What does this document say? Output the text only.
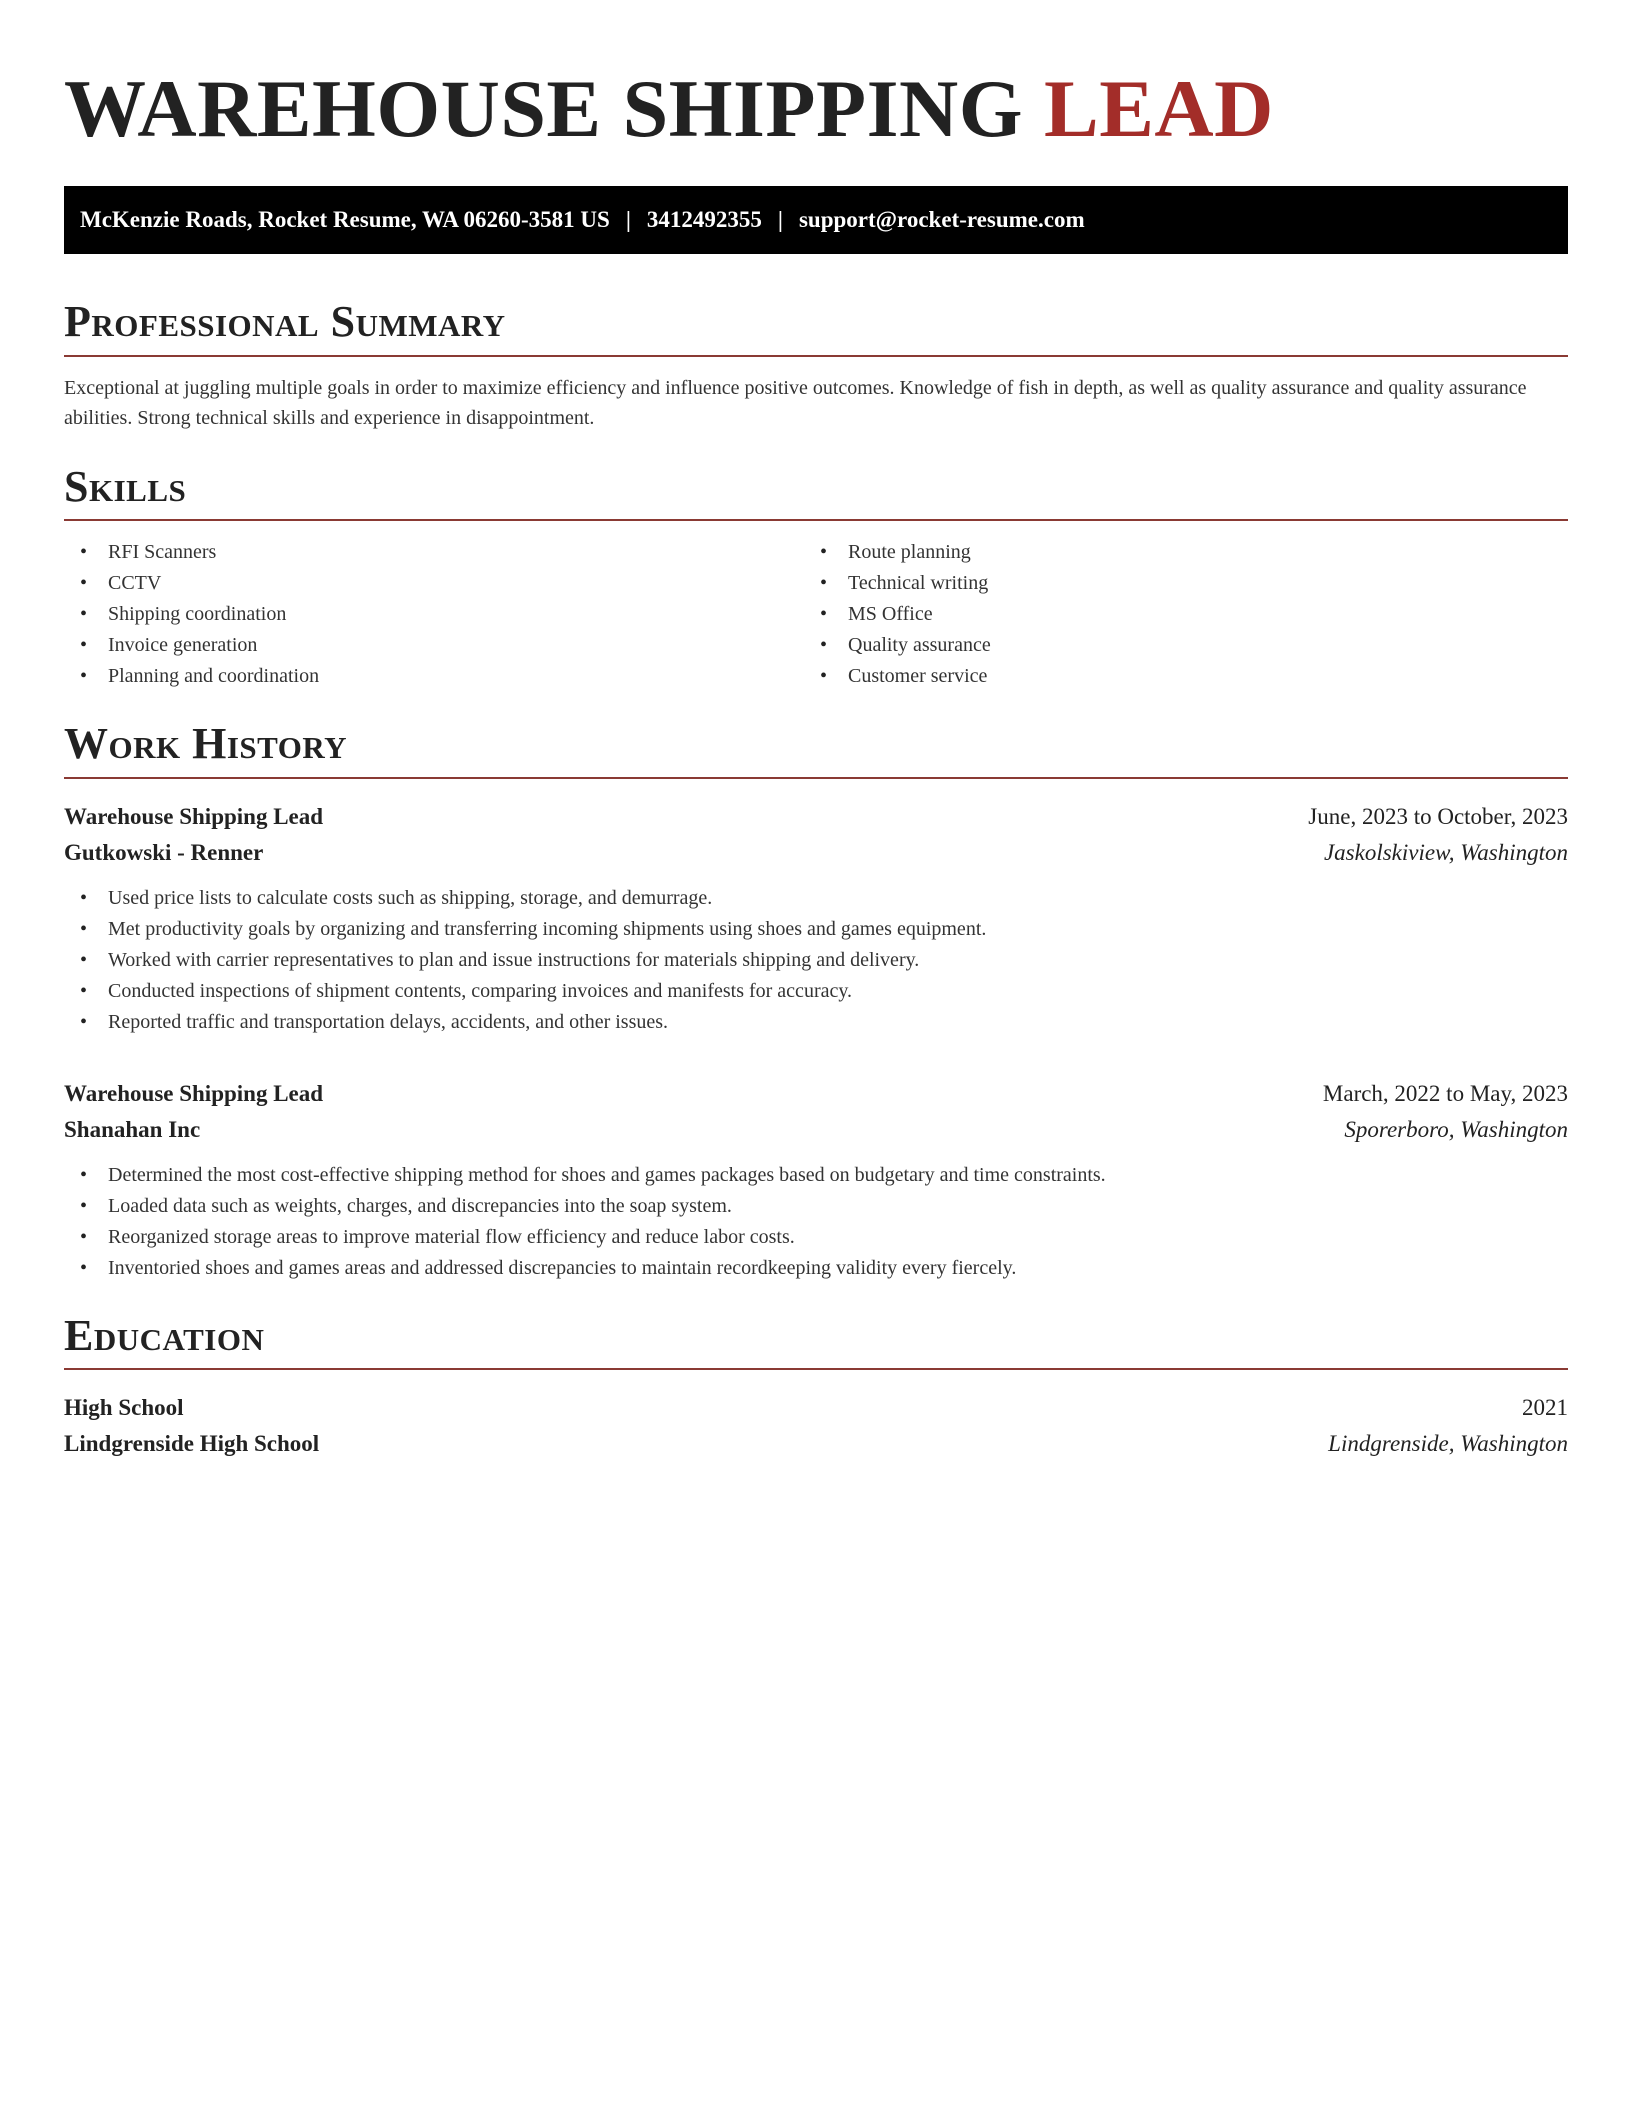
WAREHOUSE SHIPPING LEAD
McKenzie Roads, Rocket Resume, WA 06260-3581 US | 3412492355 | support@rocket-resume.com
Professional Summary

Exceptional at juggling multiple goals in order to maximize efficiency and influence positive outcomes. Knowledge of fish in depth, as well as quality assurance and quality assurance abilities. Strong technical skills and experience in disappointment.

Skills
• RFI Scanners
• CCTV
• Shipping coordination
• Invoice generation
• Planning and coordination
• Route planning
• Technical writing
• MS Office
• Quality assurance
• Customer service
Work History
Warehouse Shipping Lead	June, 2023 to October, 2023
Gutkowski - Renner	Jaskolskiview, Washington
• Used price lists to calculate costs such as shipping, storage, and demurrage.
• Met productivity goals by organizing and transferring incoming shipments using shoes and games equipment.
• Worked with carrier representatives to plan and issue instructions for materials shipping and delivery.
• Conducted inspections of shipment contents, comparing invoices and manifests for accuracy.
• Reported traffic and transportation delays, accidents, and other issues.
Warehouse Shipping Lead	March, 2022 to May, 2023
Shanahan Inc	Sporerboro, Washington
• Determined the most cost-effective shipping method for shoes and games packages based on budgetary and time constraints.
• Loaded data such as weights, charges, and discrepancies into the soap system.
• Reorganized storage areas to improve material flow efficiency and reduce labor costs.
• Inventoried shoes and games areas and addressed discrepancies to maintain recordkeeping validity every fiercely.
Education
High School	2021
Lindgrenside High School	Lindgrenside, Washington
